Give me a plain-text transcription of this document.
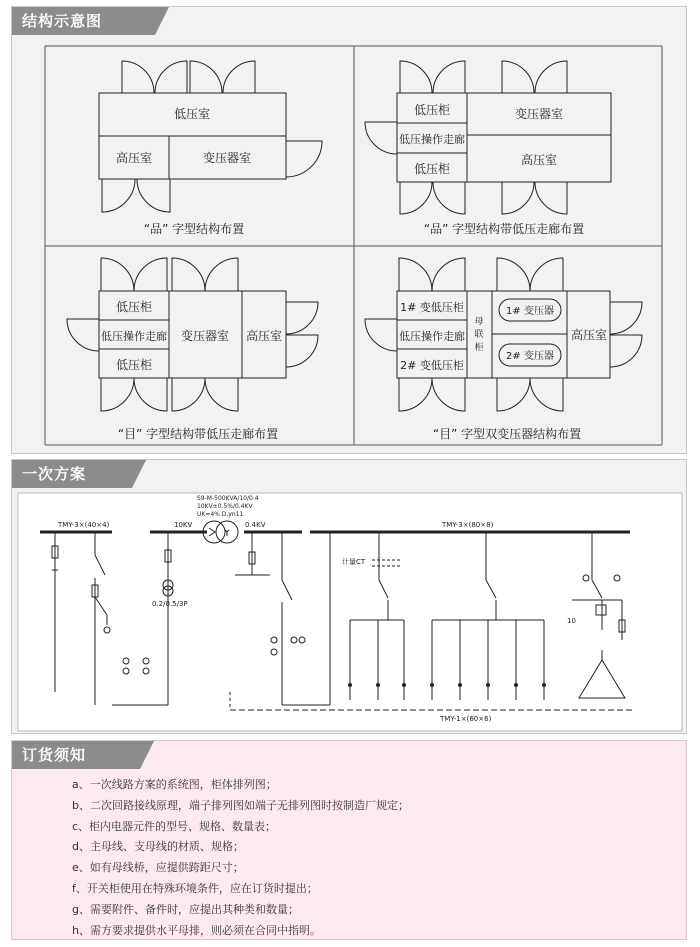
结构示意图
低压室
高压室	变压器室
“品” 字型结构布置
低压柜
低压操作走廊
低压柜
变压器室
高压室
“品” 字型结构带低压走廊布置
低压柜
低压操作走廊
低压柜
变压器室 高压室
“目” 字型结构带低压走廊布置
1# 变低压柜
低压操作走廊
2# 变低压柜
母
联
柜
1# 变压器
2# 变压器
高压室
“目” 字型双变压器结构布置
一次方案
TMY-3×(40×4)	10KV	0.4KV
S9-M-500KVA/10/0.4
10KV±0.5%/0.4KV
UK=4% D,yn11
0.2/0.5/3P
TMY-3×(80×8)
计量CT
10
TMY-1×(60×6)
订货须知
a、一次线路方案的系统图，柜体排列图；
b、二次回路接线原理，端子排列图如端子无排列图时按制造厂规定；
c、柜内电器元件的型号、规格、数量表；
d、主母线、支母线的材质、规格；
e、如有母线桥，应提供跨距尺寸；
f、开关柜使用在特殊环境条件，应在订货时提出；
g、需要附件、备件时，应提出其种类和数量；
h、需方要求提供水平母排，则必须在合同中指明。
